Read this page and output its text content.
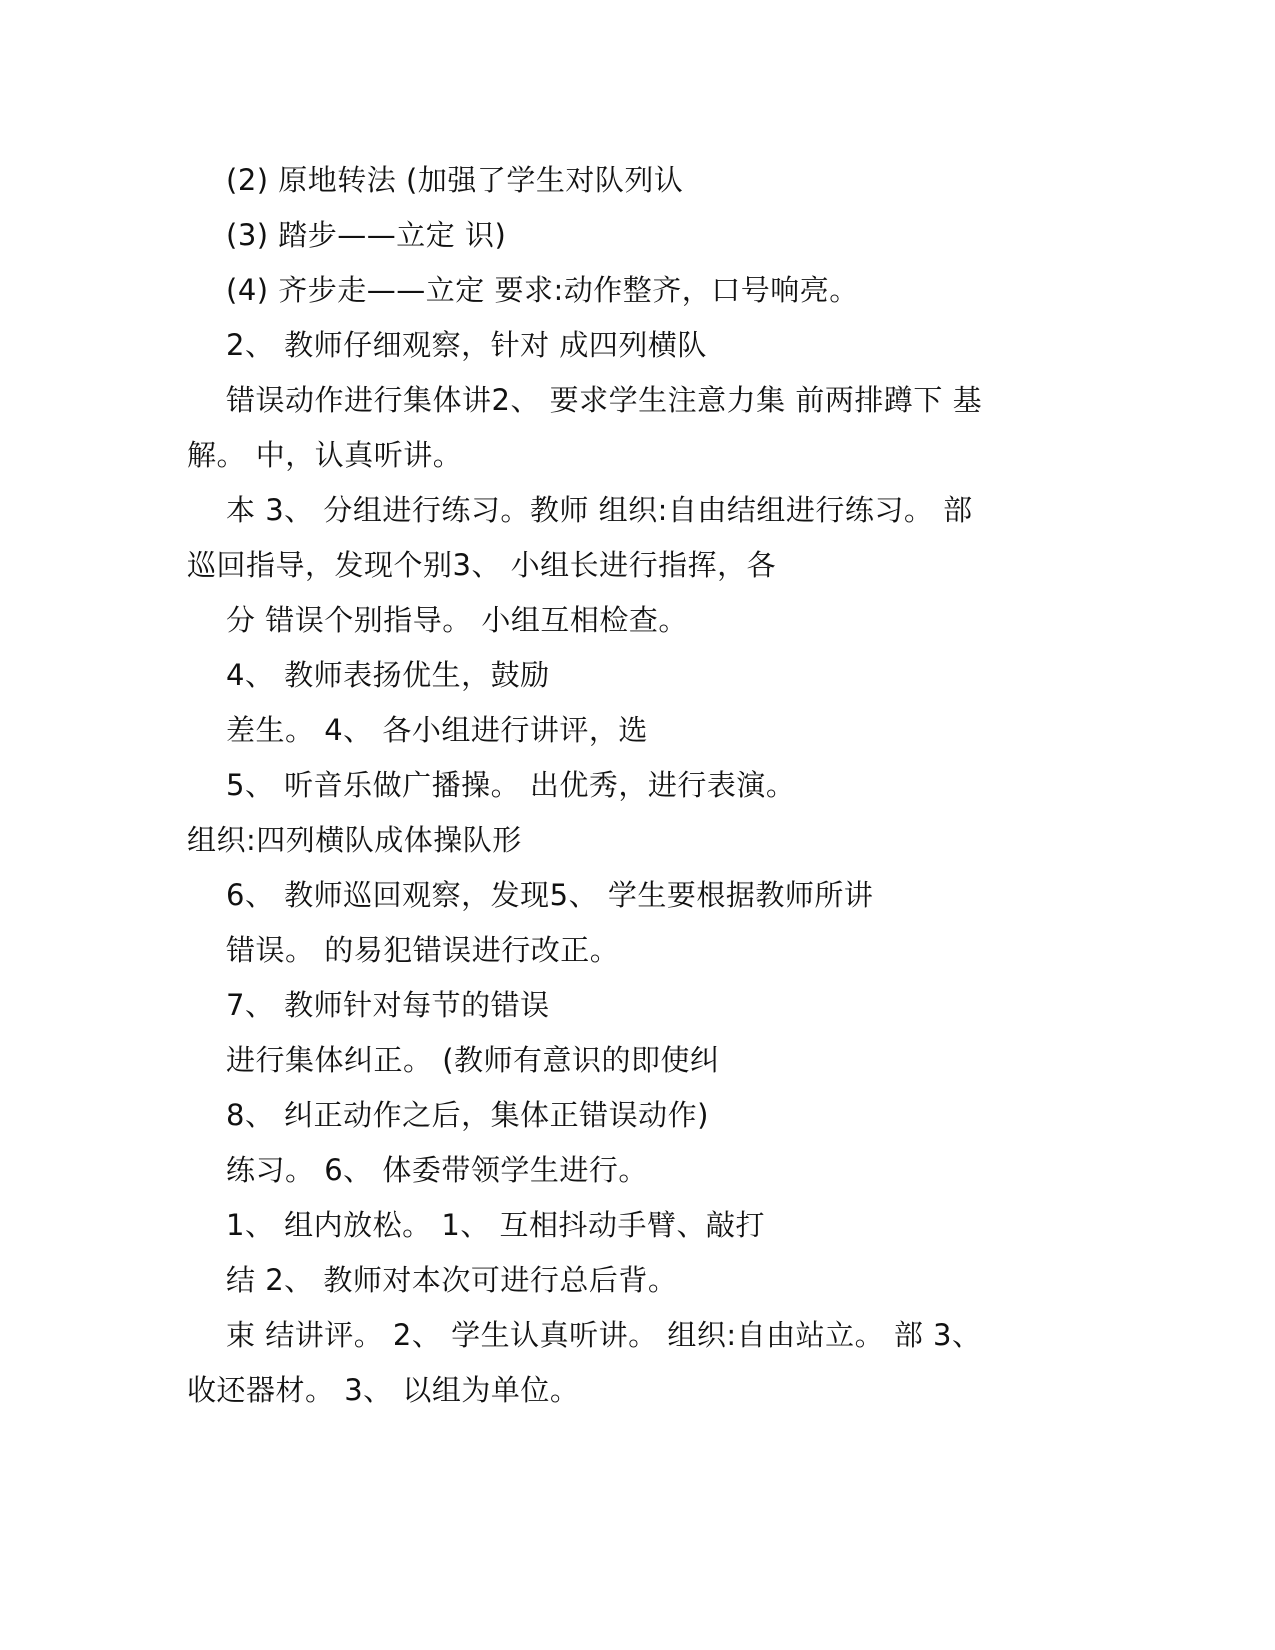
(2) 原地转法 (加强了学生对队列认
(3) 踏步——立定 识)
(4) 齐步走——立定 要求:动作整齐，口号响亮。
2、 教师仔细观察，针对 成四列横队
错误动作进行集体讲2、 要求学生注意力集 前两排蹲下 基
解。 中，认真听讲。
本 3、 分组进行练习。教师 组织:自由结组进行练习。 部
巡回指导，发现个别3、 小组长进行指挥，各
分 错误个别指导。 小组互相检查。
4、 教师表扬优生，鼓励
差生。 4、 各小组进行讲评，选
5、 听音乐做广播操。 出优秀，进行表演。
组织:四列横队成体操队形
6、 教师巡回观察，发现5、 学生要根据教师所讲
错误。 的易犯错误进行改正。
7、 教师针对每节的错误
进行集体纠正。 (教师有意识的即使纠
8、 纠正动作之后，集体正错误动作)
练习。 6、 体委带领学生进行。
1、 组内放松。 1、 互相抖动手臂、敲打
结 2、 教师对本次可进行总后背。
束 结讲评。 2、 学生认真听讲。 组织:自由站立。 部 3、
收还器材。 3、 以组为单位。
